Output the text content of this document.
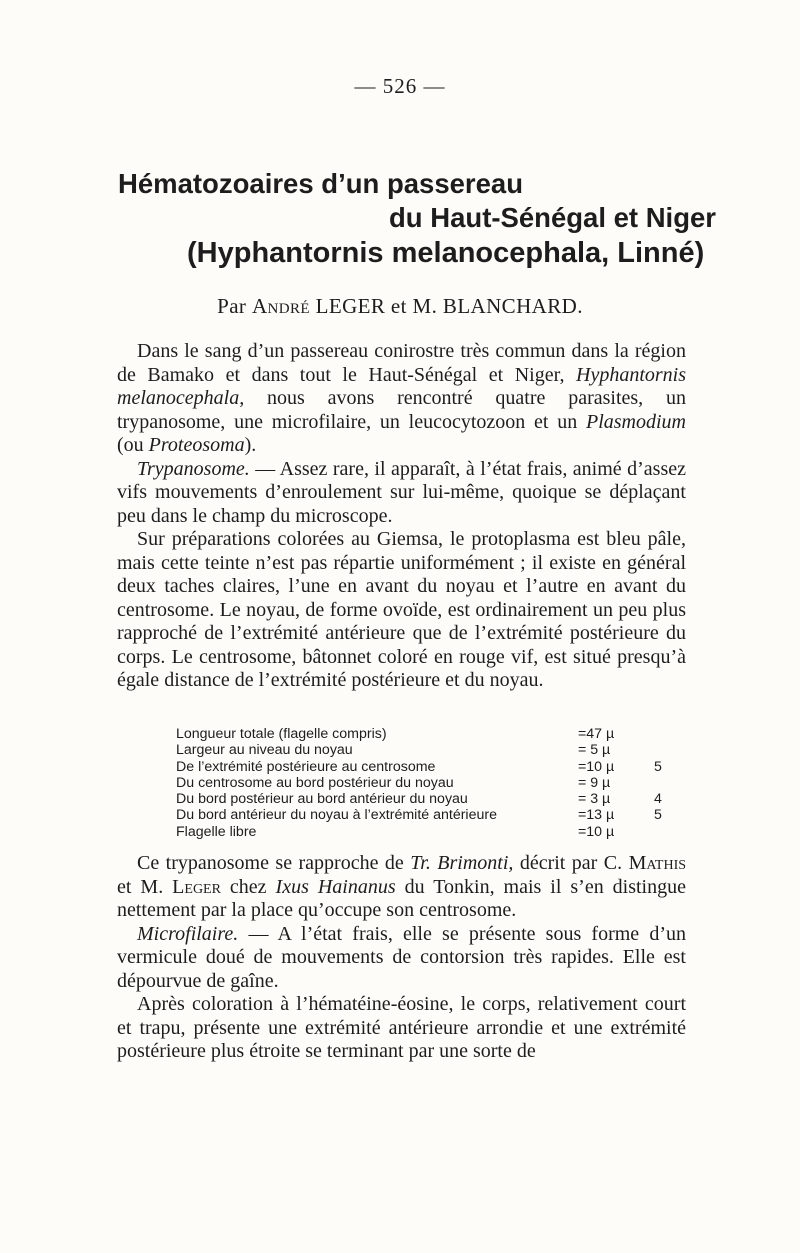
— 526 —
Hématozoaires d’un passereau
du Haut-Sénégal et Niger
(Hyphantornis melanocephala, Linné)
Par André LEGER et M. BLANCHARD.

Dans le sang d’un passereau conirostre très commun dans la région de Bamako et dans tout le Haut-Sénégal et Niger, Hyphantornis melanocephala, nous avons rencontré quatre parasites, un trypanosome, une microfilaire, un leucocytozoon et un Plasmodium (ou Proteosoma).

Trypanosome. — Assez rare, il apparaît, à l’état frais, animé d’assez vifs mouvements d’enroulement sur lui-même, quoique se déplaçant peu dans le champ du microscope.

Sur préparations colorées au Giemsa, le protoplasma est bleu pâle, mais cette teinte n’est pas répartie uniformément ; il existe en général deux taches claires, l’une en avant du noyau et l’autre en avant du centrosome. Le noyau, de forme ovoïde, est ordinairement un peu plus rapproché de l’extrémité antérieure que de l’extrémité postérieure du corps. Le centrosome, bâtonnet coloré en rouge vif, est situé presqu’à égale distance de l’extrémité postérieure et du noyau.

Longueur totale (flagelle compris)	=47 µ
Largeur au niveau du noyau	= 5 µ
De l’extrémité postérieure au centrosome	=10 µ	5
Du centrosome au bord postérieur du noyau	= 9 µ
Du bord postérieur au bord antérieur du noyau	= 3 µ	4
Du bord antérieur du noyau à l’extrémité antérieure	=13 µ	5
Flagelle libre	=10 µ

Ce trypanosome se rapproche de Tr. Brimonti, décrit par C. Mathis et M. Leger chez Ixus Hainanus du Tonkin, mais il s’en distingue nettement par la place qu’occupe son centrosome.

Microfilaire. — A l’état frais, elle se présente sous forme d’un vermicule doué de mouvements de contorsion très rapides. Elle est dépourvue de gaîne.

Après coloration à l’hématéine-éosine, le corps, relativement court et trapu, présente une extrémité antérieure arrondie et une extrémité postérieure plus étroite se terminant par une sorte de
